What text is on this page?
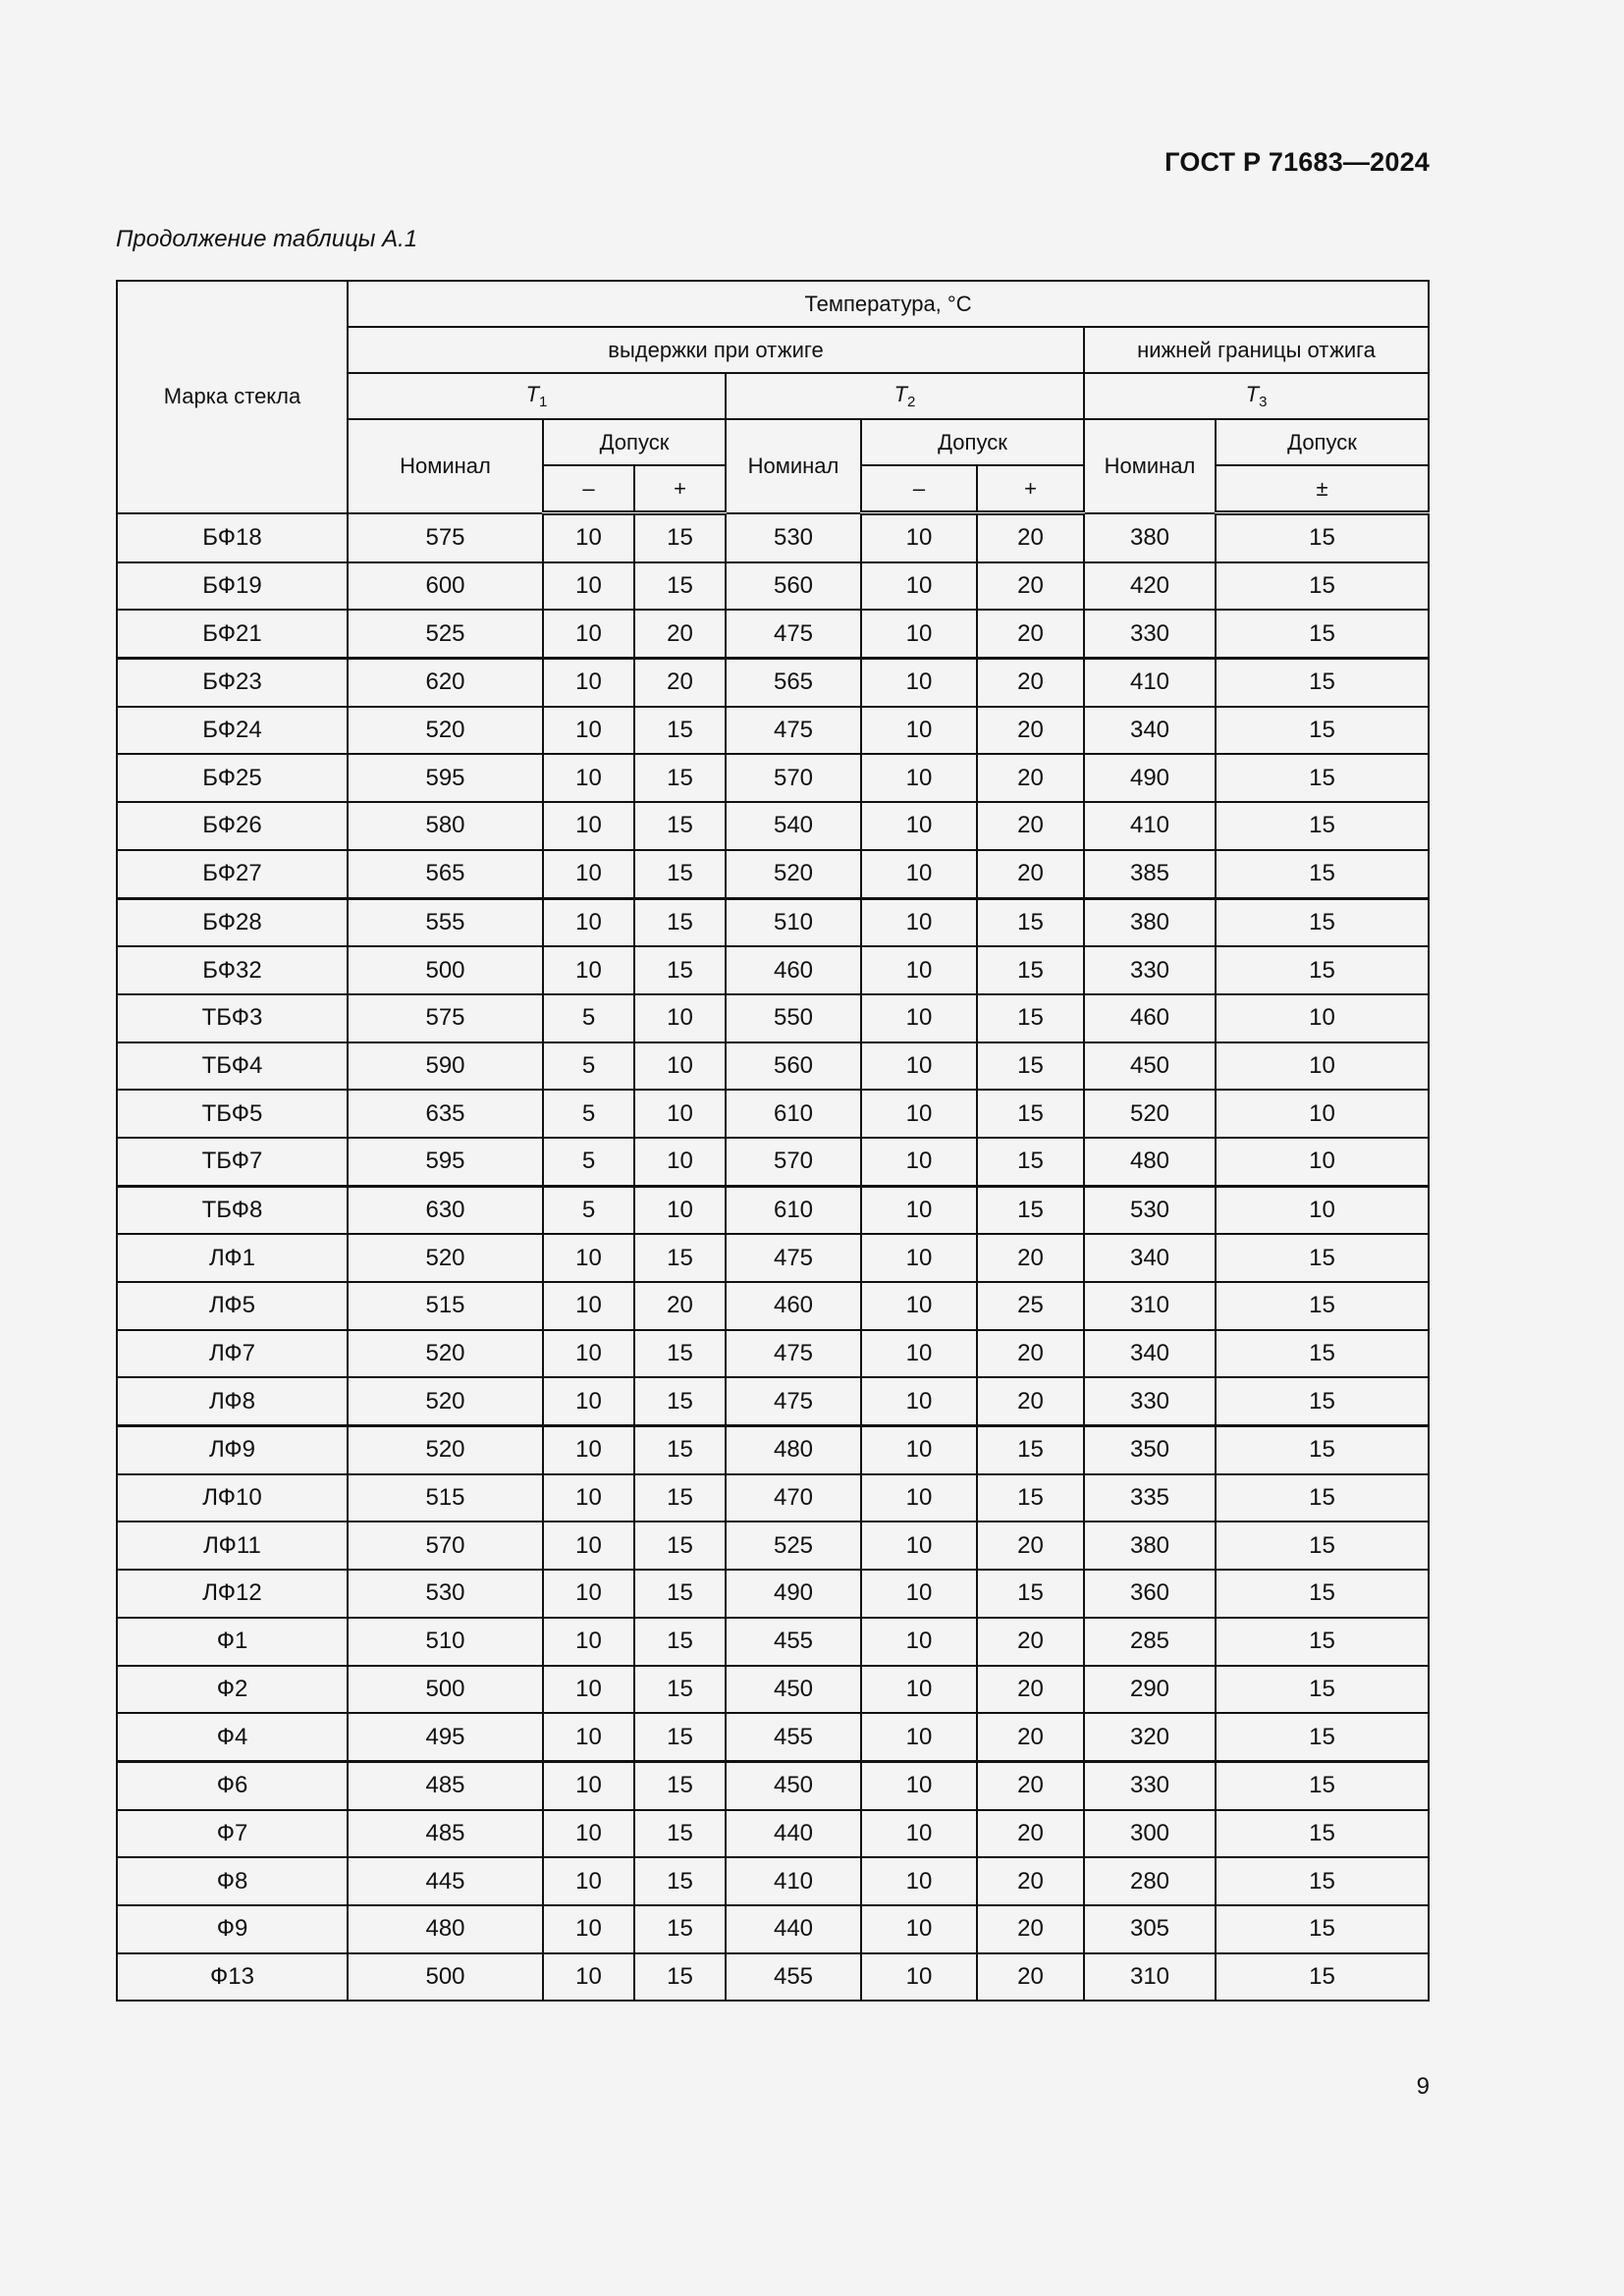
ГОСТ Р 71683—2024
Продолжение таблицы А.1
Марка стекла	Температура, °С							
	выдержки при отжиге						нижней границы отжига	
	$T_1$			$T_2$			$T_3$
	Номинал	Допуск		Номинал	Допуск		Номинал	Допуск
		–	+		–	+		±
БФ18	575	10	15	530	10	20	380	15
БФ19	600	10	15	560	10	20	420	15
БФ21	525	10	20	475	10	20	330	15
БФ23	620	10	20	565	10	20	410	15
БФ24	520	10	15	475	10	20	340	15
БФ25	595	10	15	570	10	20	490	15
БФ26	580	10	15	540	10	20	410	15
БФ27	565	10	15	520	10	20	385	15
БФ28	555	10	15	510	10	15	380	15
БФ32	500	10	15	460	10	15	330	15
ТБФ3	575	5	10	550	10	15	460	10
ТБФ4	590	5	10	560	10	15	450	10
ТБФ5	635	5	10	610	10	15	520	10
ТБФ7	595	5	10	570	10	15	480	10
ТБФ8	630	5	10	610	10	15	530	10
ЛФ1	520	10	15	475	10	20	340	15
ЛФ5	515	10	20	460	10	25	310	15
ЛФ7	520	10	15	475	10	20	340	15
ЛФ8	520	10	15	475	10	20	330	15
ЛФ9	520	10	15	480	10	15	350	15
ЛФ10	515	10	15	470	10	15	335	15
ЛФ11	570	10	15	525	10	20	380	15
ЛФ12	530	10	15	490	10	15	360	15
Ф1	510	10	15	455	10	20	285	15
Ф2	500	10	15	450	10	20	290	15
Ф4	495	10	15	455	10	20	320	15
Ф6	485	10	15	450	10	20	330	15
Ф7	485	10	15	440	10	20	300	15
Ф8	445	10	15	410	10	20	280	15
Ф9	480	10	15	440	10	20	305	15
Ф13	500	10	15	455	10	20	310	15
9
